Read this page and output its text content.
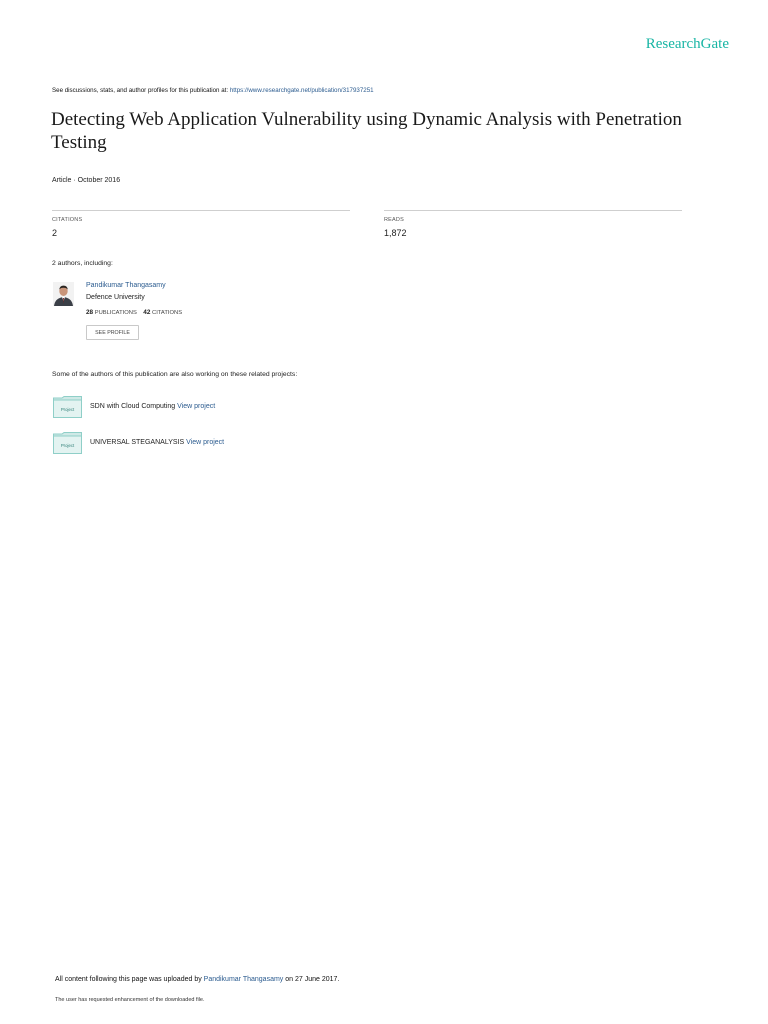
ResearchGate
See discussions, stats, and author profiles for this publication at: https://www.researchgate.net/publication/317937251
Detecting Web Application Vulnerability using Dynamic Analysis with Penetration Testing
Article · October 2016
CITATIONS
2
READS
1,872
2 authors, including:
Pandikumar Thangasamy
Defence University
28 PUBLICATIONS 42 CITATIONS
SEE PROFILE
Some of the authors of this publication are also working on these related projects:
Project SDN with Cloud Computing View project
Project UNIVERSAL STEGANALYSIS View project
All content following this page was uploaded by Pandikumar Thangasamy on 27 June 2017.
The user has requested enhancement of the downloaded file.
